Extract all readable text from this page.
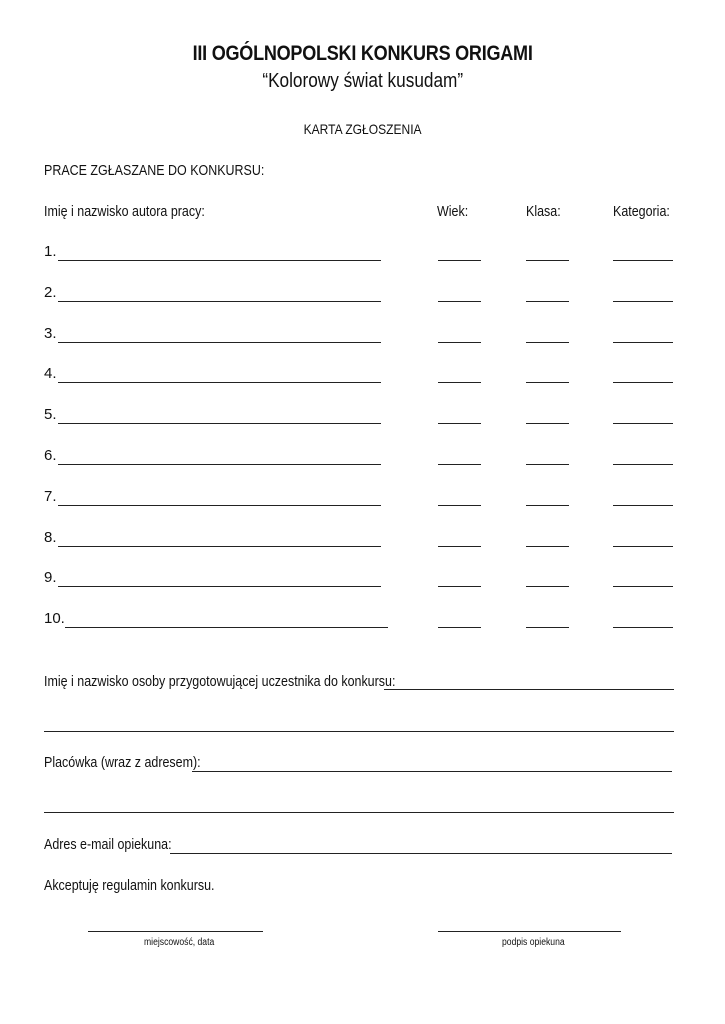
III OGÓLNOPOLSKI KONKURS ORIGAMI
“Kolorowy świat kusudam”
KARTA ZGŁOSZENIA
PRACE ZGŁASZANE DO KONKURSU:
Imię i nazwisko autora pracy:	Wiek:	Klasa:	Kategoria:
1.
2.
3.
4.
5.
6.
7.
8.
9.
10.
Imię i nazwisko osoby przygotowującej uczestnika do konkursu:
Placówka (wraz z adresem):
Adres e-mail opiekuna:
Akceptuję regulamin konkursu.
miejscowość, data	podpis opiekuna
